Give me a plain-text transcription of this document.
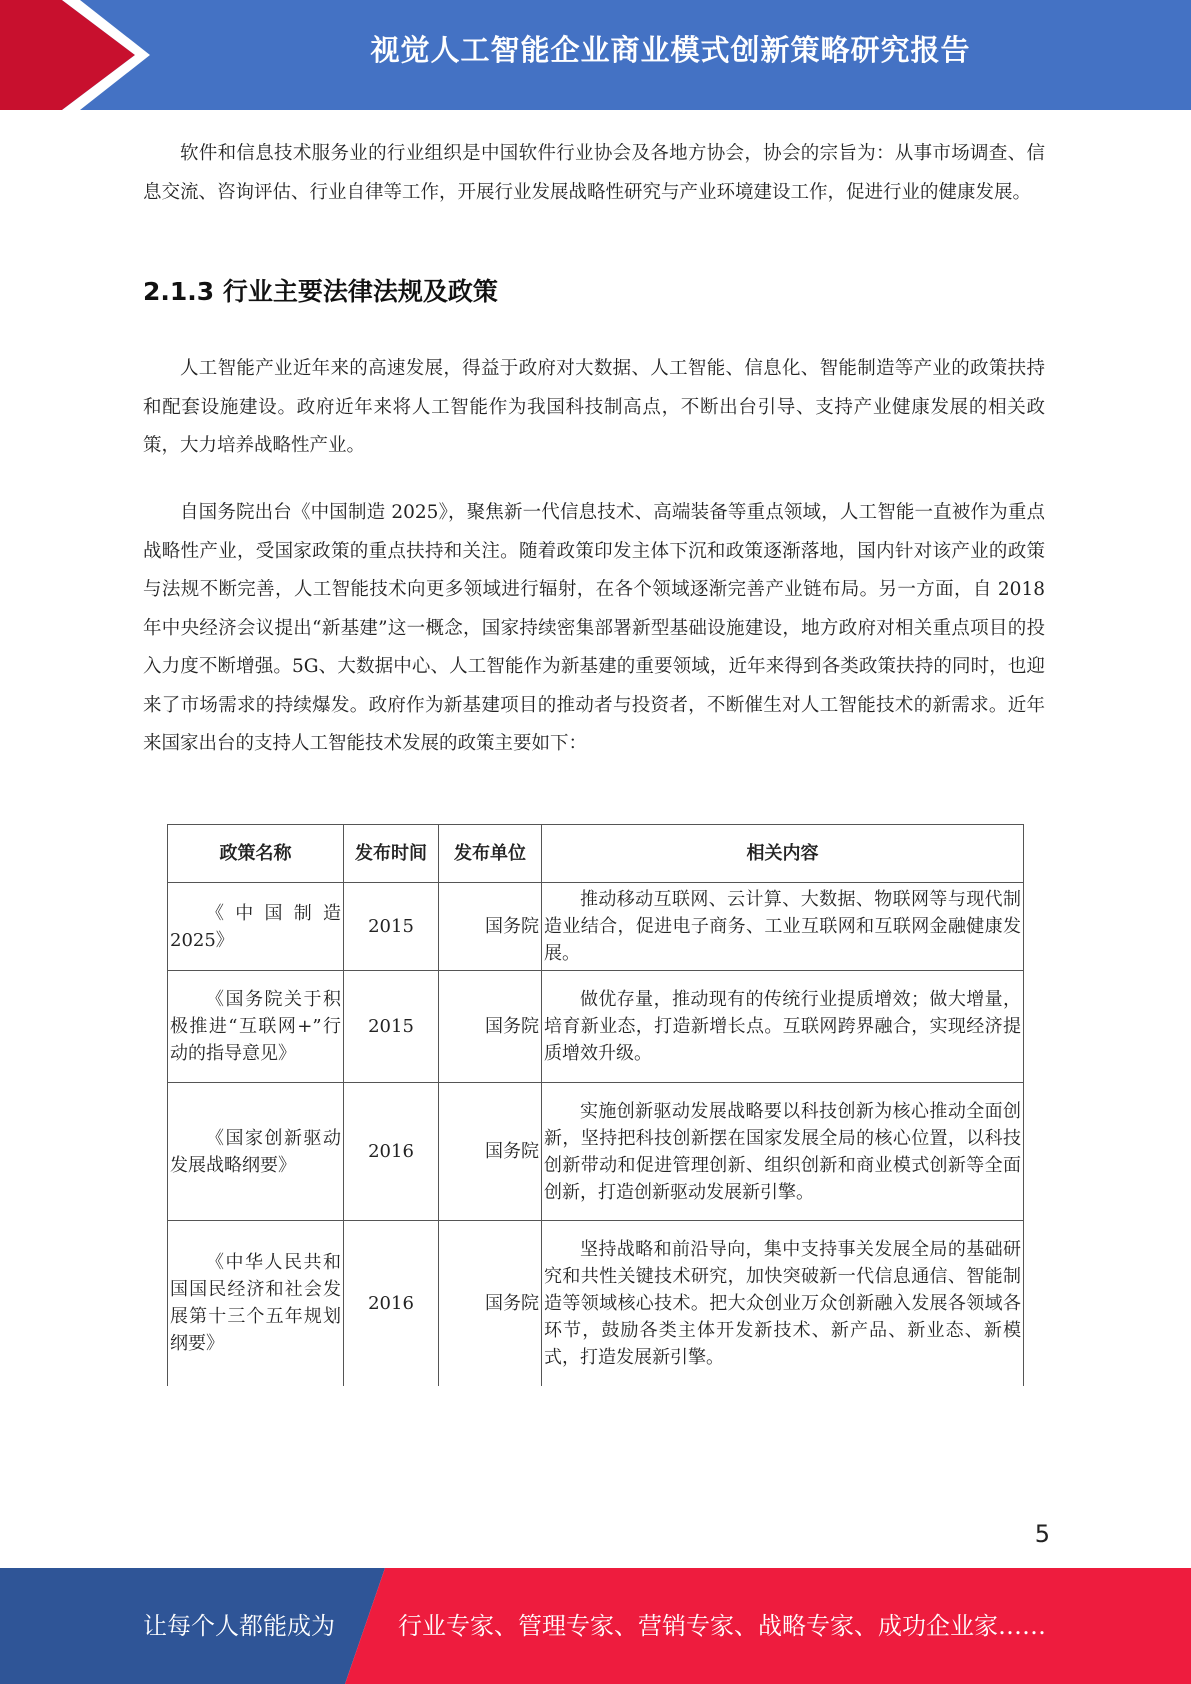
视觉人工智能企业商业模式创新策略研究报告

软件和信息技术服务业的行业组织是中国软件行业协会及各地方协会，协会的宗旨为：从事市场调查、信息交流、咨询评估、行业自律等工作，开展行业发展战略性研究与产业环境建设工作，促进行业的健康发展。

2.1.3 行业主要法律法规及政策

人工智能产业近年来的高速发展，得益于政府对大数据、人工智能、信息化、智能制造等产业的政策扶持和配套设施建设。政府近年来将人工智能作为我国科技制高点，不断出台引导、支持产业健康发展的相关政策，大力培养战略性产业。

自国务院出台《中国制造 2025》，聚焦新一代信息技术、高端装备等重点领域，人工智能一直被作为重点战略性产业，受国家政策的重点扶持和关注。随着政策印发主体下沉和政策逐渐落地，国内针对该产业的政策与法规不断完善，人工智能技术向更多领域进行辐射，在各个领域逐渐完善产业链布局。另一方面，自 2018 年中央经济会议提出“新基建”这一概念，国家持续密集部署新型基础设施建设，地方政府对相关重点项目的投入力度不断增强。5G、大数据中心、人工智能作为新基建的重要领域，近年来得到各类政策扶持的同时，也迎来了市场需求的持续爆发。政府作为新基建项目的推动者与投资者，不断催生对人工智能技术的新需求。近年来国家出台的支持人工智能技术发展的政策主要如下：

政策名称	发布时间	发布单位	相关内容
《中国制造 2025》	2015	国务院	推动移动互联网、云计算、大数据、物联网等与现代制造业结合，促进电子商务、工业互联网和互联网金融健康发展。
《国务院关于积极推进“互联网+”行动的指导意见》	2015	国务院	做优存量，推动现有的传统行业提质增效；做大增量，培育新业态，打造新增长点。互联网跨界融合，实现经济提质增效升级。
《国家创新驱动发展战略纲要》	2016	国务院	实施创新驱动发展战略要以科技创新为核心推动全面创新，坚持把科技创新摆在国家发展全局的核心位置，以科技创新带动和促进管理创新、组织创新和商业模式创新等全面创新，打造创新驱动发展新引擎。
《中华人民共和国国民经济和社会发展第十三个五年规划纲要》	2016	国务院	坚持战略和前沿导向，集中支持事关发展全局的基础研究和共性关键技术研究，加快突破新一代信息通信、智能制造等领域核心技术。把大众创业万众创新融入发展各领域各环节，鼓励各类主体开发新技术、新产品、新业态、新模式，打造发展新引擎。
5
让每个人都能成为	行业专家、管理专家、营销专家、战略专家、成功企业家……
